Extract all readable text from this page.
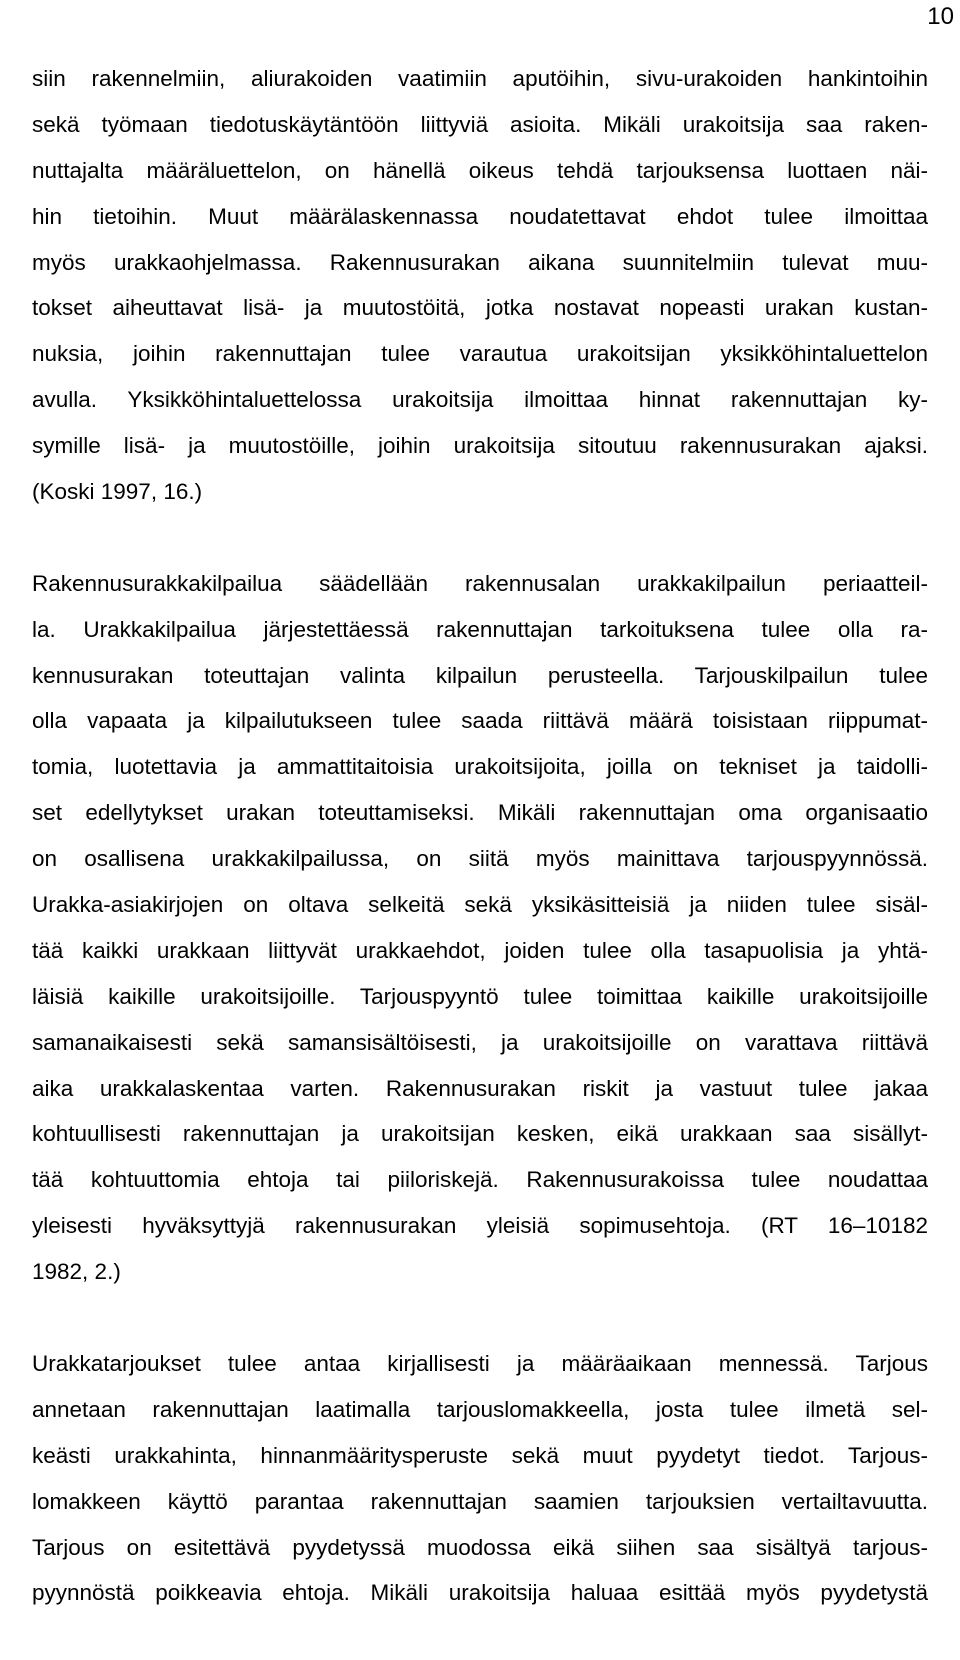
10
siin rakennelmiin, aliurakoiden vaatimiin aputöihin, sivu-urakoiden hankintoihin
sekä työmaan tiedotuskäytäntöön liittyviä asioita. Mikäli urakoitsija saa raken-
nuttajalta määräluettelon, on hänellä oikeus tehdä tarjouksensa luottaen näi-
hin tietoihin. Muut määrälaskennassa noudatettavat ehdot tulee ilmoittaa
myös urakkaohjelmassa. Rakennusurakan aikana suunnitelmiin tulevat muu-
tokset aiheuttavat lisä- ja muutostöitä, jotka nostavat nopeasti urakan kustan-
nuksia, joihin rakennuttajan tulee varautua urakoitsijan yksikköhintaluettelon
avulla. Yksikköhintaluettelossa urakoitsija ilmoittaa hinnat rakennuttajan ky-
symille lisä- ja muutostöille, joihin urakoitsija sitoutuu rakennusurakan ajaksi.
(Koski 1997, 16.)
Rakennusurakkakilpailua säädellään rakennusalan urakkakilpailun periaatteil-
la. Urakkakilpailua järjestettäessä rakennuttajan tarkoituksena tulee olla ra-
kennusurakan toteuttajan valinta kilpailun perusteella. Tarjouskilpailun tulee
olla vapaata ja kilpailutukseen tulee saada riittävä määrä toisistaan riippumat-
tomia, luotettavia ja ammattitaitoisia urakoitsijoita, joilla on tekniset ja taidolli-
set edellytykset urakan toteuttamiseksi. Mikäli rakennuttajan oma organisaatio
on osallisena urakkakilpailussa, on siitä myös mainittava tarjouspyynnössä.
Urakka-asiakirjojen on oltava selkeitä sekä yksikäsitteisiä ja niiden tulee sisäl-
tää kaikki urakkaan liittyvät urakkaehdot, joiden tulee olla tasapuolisia ja yhtä-
läisiä kaikille urakoitsijoille. Tarjouspyyntö tulee toimittaa kaikille urakoitsijoille
samanaikaisesti sekä samansisältöisesti, ja urakoitsijoille on varattava riittävä
aika urakkalaskentaa varten. Rakennusurakan riskit ja vastuut tulee jakaa
kohtuullisesti rakennuttajan ja urakoitsijan kesken, eikä urakkaan saa sisällyt-
tää kohtuuttomia ehtoja tai piiloriskejä. Rakennusurakoissa tulee noudattaa
yleisesti hyväksyttyjä rakennusurakan yleisiä sopimusehtoja. (RT 16–10182
1982, 2.)
Urakkatarjoukset tulee antaa kirjallisesti ja määräaikaan mennessä. Tarjous
annetaan rakennuttajan laatimalla tarjouslomakkeella, josta tulee ilmetä sel-
keästi urakkahinta, hinnanmääritysperuste sekä muut pyydetyt tiedot. Tarjous-
lomakkeen käyttö parantaa rakennuttajan saamien tarjouksien vertailtavuutta.
Tarjous on esitettävä pyydetyssä muodossa eikä siihen saa sisältyä tarjous-
pyynnöstä poikkeavia ehtoja. Mikäli urakoitsija haluaa esittää myös pyydetystä
